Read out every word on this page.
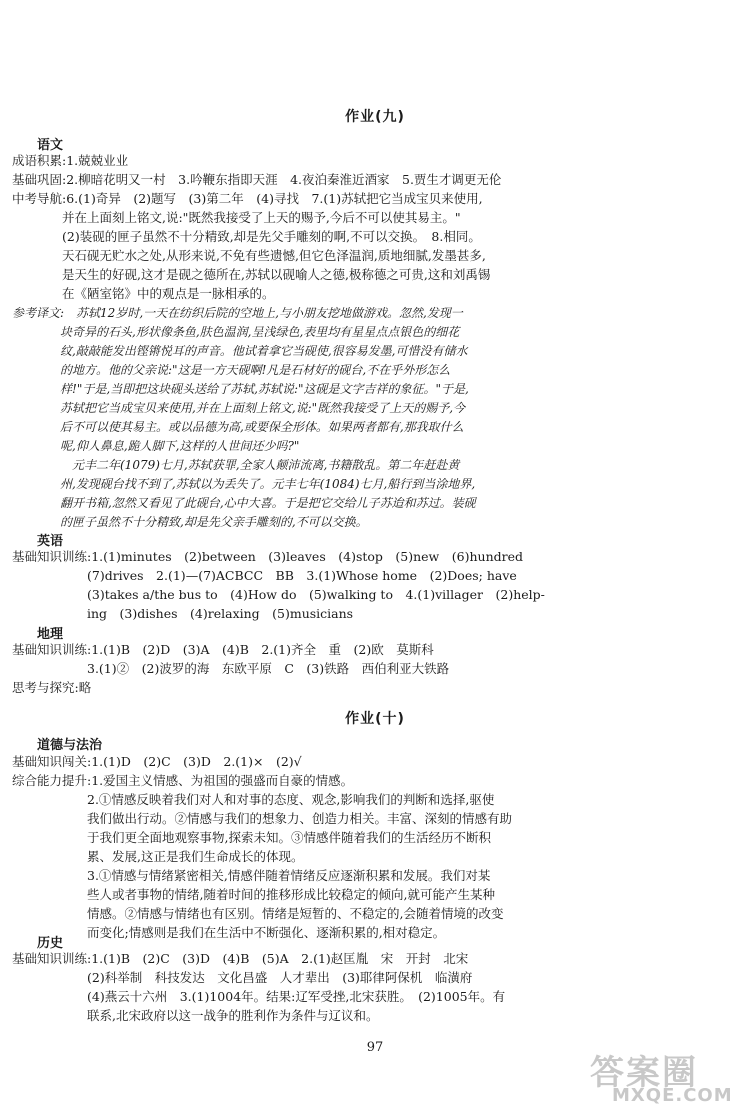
作业(九)
语文
成语积累:1.兢兢业业
基础巩固:2.柳暗花明又一村　3.吟鞭东指即天涯　4.夜泊秦淮近酒家　5.贾生才调更无伦
中考导航:6.(1)奇异　(2)题写　(3)第二年　(4)寻找　7.(1)苏轼把它当成宝贝来使用,
　　　　并在上面刻上铭文,说:"既然我接受了上天的赐予,今后不可以使其易主。"
　　　　(2)装砚的匣子虽然不十分精致,却是先父手雕刻的啊,不可以交换。　8.相同。
　　　　天石砚无贮水之处,从形来说,不免有些遗憾,但它色泽温润,质地细腻,发墨甚多,
　　　　是天生的好砚,这才是砚之德所在,苏轼以砚喻人之德,极称德之可贵,这和刘禹锡
　　　　在《陋室铭》中的观点是一脉相承的。
参考译文:　苏轼12岁时,一天在纺织后院的空地上,与小朋友挖地做游戏。忽然,发现一
　　　　块奇异的石头,形状像条鱼,肤色温润,呈浅绿色,表里均有星星点点银色的细花
　　　　纹,敲敲能发出铿锵悦耳的声音。他试着拿它当砚使,很容易发墨,可惜没有储水
　　　　的地方。他的父亲说:"这是一方天砚啊!凡是石材好的砚台,不在乎外形怎么
　　　　样!"于是,当即把这块砚头送给了苏轼,苏轼说:"这砚是文字吉祥的象征。"于是,
　　　　苏轼把它当成宝贝来使用,并在上面刻上铭文,说:"既然我接受了上天的赐予,今
　　　　后不可以使其易主。或以品德为高,或要保全形体。如果两者都有,那我取什么
　　　　呢,仰人鼻息,跪人脚下,这样的人世间还少吗?"
　　　　　元丰二年(1079)七月,苏轼获罪,全家人颠沛流离,书籍散乱。第二年赶赴黄
　　　　州,发现砚台找不到了,苏轼以为丢失了。元丰七年(1084)七月,船行到当涂地界,
　　　　翻开书箱,忽然又看见了此砚台,心中大喜。于是把它交给儿子苏迨和苏过。装砚
　　　　的匣子虽然不十分精致,却是先父亲手雕刻的,不可以交换。
英语
基础知识训练:1.(1)minutes　(2)between　(3)leaves　(4)stop　(5)new　(6)hundred
　　　　　　(7)drives　2.(1)—(7)ACBCC　BB　3.(1)Whose home　(2)Does; have
　　　　　　(3)takes a/the bus to　(4)How do　(5)walking to　4.(1)villager　(2)help-
　　　　　　ing　(3)dishes　(4)relaxing　(5)musicians
地理
基础知识训练:1.(1)B　(2)D　(3)A　(4)B　2.(1)齐全　重　(2)欧　莫斯科
　　　　　　3.(1)②　(2)波罗的海　东欧平原　C　(3)铁路　西伯利亚大铁路
思考与探究:略
作业(十)
道德与法治
基础知识闯关:1.(1)D　(2)C　(3)D　2.(1)×　(2)√
综合能力提升:1.爱国主义情感、为祖国的强盛而自豪的情感。
　　　　　　2.①情感反映着我们对人和对事的态度、观念,影响我们的判断和选择,驱使
　　　　　　我们做出行动。②情感与我们的想象力、创造力相关。丰富、深刻的情感有助
　　　　　　于我们更全面地观察事物,探索未知。③情感伴随着我们的生活经历不断积
　　　　　　累、发展,这正是我们生命成长的体现。
　　　　　　3.①情感与情绪紧密相关,情感伴随着情绪反应逐渐积累和发展。我们对某
　　　　　　些人或者事物的情绪,随着时间的推移形成比较稳定的倾向,就可能产生某种
　　　　　　情感。②情感与情绪也有区别。情绪是短暂的、不稳定的,会随着情境的改变
　　　　　　而变化;情感则是我们在生活中不断强化、逐渐积累的,相对稳定。
历史
基础知识训练:1.(1)B　(2)C　(3)D　(4)B　(5)A　2.(1)赵匡胤　宋　开封　北宋
　　　　　　(2)科举制　科技发达　文化昌盛　人才辈出　(3)耶律阿保机　临潢府
　　　　　　(4)燕云十六州　3.(1)1004年。结果:辽军受挫,北宋获胜。　(2)1005年。有
　　　　　　联系,北宋政府以这一战争的胜利作为条件与辽议和。
97
答案圈
MXQE.COM
